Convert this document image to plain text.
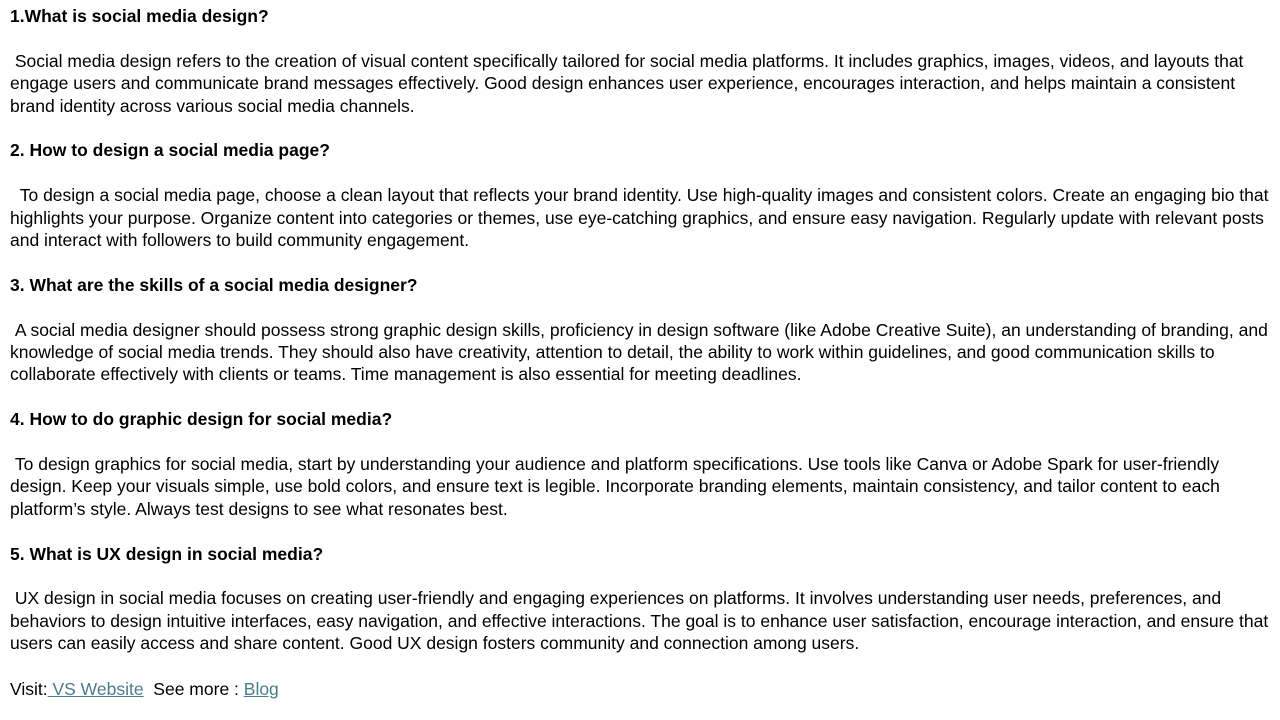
1.What is social media design?

Social media design refers to the creation of visual content specifically tailored for social media platforms. It includes graphics, images, videos, and layouts that engage users and communicate brand messages effectively. Good design enhances user experience, encourages interaction, and helps maintain a consistent brand identity across various social media channels.

2. How to design a social media page?

To design a social media page, choose a clean layout that reflects your brand identity. Use high-quality images and consistent colors. Create an engaging bio that highlights your purpose. Organize content into categories or themes, use eye-catching graphics, and ensure easy navigation. Regularly update with relevant posts and interact with followers to build community engagement.

3. What are the skills of a social media designer?

A social media designer should possess strong graphic design skills, proficiency in design software (like Adobe Creative Suite), an understanding of branding, and knowledge of social media trends. They should also have creativity, attention to detail, the ability to work within guidelines, and good communication skills to collaborate effectively with clients or teams. Time management is also essential for meeting deadlines.

4. How to do graphic design for social media?

To design graphics for social media, start by understanding your audience and platform specifications. Use tools like Canva or Adobe Spark for user-friendly design. Keep your visuals simple, use bold colors, and ensure text is legible. Incorporate branding elements, maintain consistency, and tailor content to each platform’s style. Always test designs to see what resonates best.

5. What is UX design in social media?

UX design in social media focuses on creating user-friendly and engaging experiences on platforms. It involves understanding user needs, preferences, and behaviors to design intuitive interfaces, easy navigation, and effective interactions. The goal is to enhance user satisfaction, encourage interaction, and ensure that users can easily access and share content. Good UX design fosters community and connection among users.

Visit: VS Website  See more : Blog
